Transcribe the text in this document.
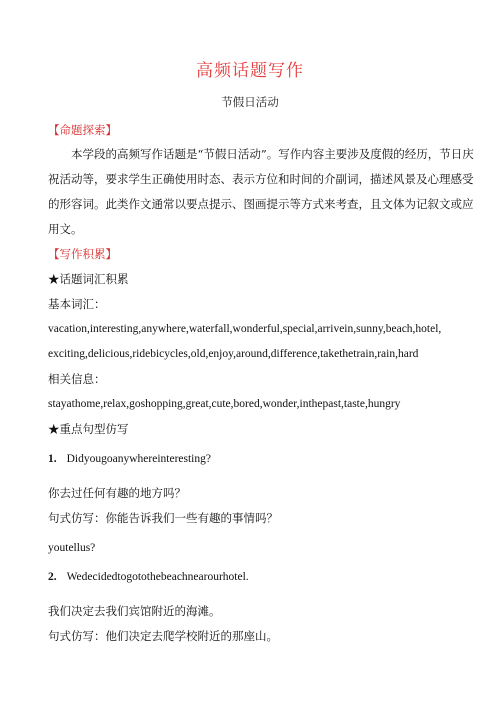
高频话题写作
节假日活动
【命题探索】
本学段的高频写作话题是“节假日活动”。写作内容主要涉及度假的经历，节日庆
祝活动等，要求学生正确使用时态、表示方位和时间的介副词，描述风景及心理感受
的形容词。此类作文通常以要点提示、图画提示等方式来考查，且文体为记叙文或应
用文。
【写作积累】
★话题词汇积累
基本词汇：
vacation,interesting,anywhere,waterfall,wonderful,special,arrivein,sunny,beach,hotel,
exciting,delicious,ridebicycles,old,enjoy,around,difference,takethetrain,rain,hard
相关信息：
stayathome,relax,goshopping,great,cute,bored,wonder,inthepast,taste,hungry
★重点句型仿写
1. Didyougoanywhereinteresting?
你去过任何有趣的地方吗？
句式仿写：你能告诉我们一些有趣的事情吗？
youtellus?
2. Wedecidedtogotothebeachnearourhotel.
我们决定去我们宾馆附近的海滩。
句式仿写：他们决定去爬学校附近的那座山。
